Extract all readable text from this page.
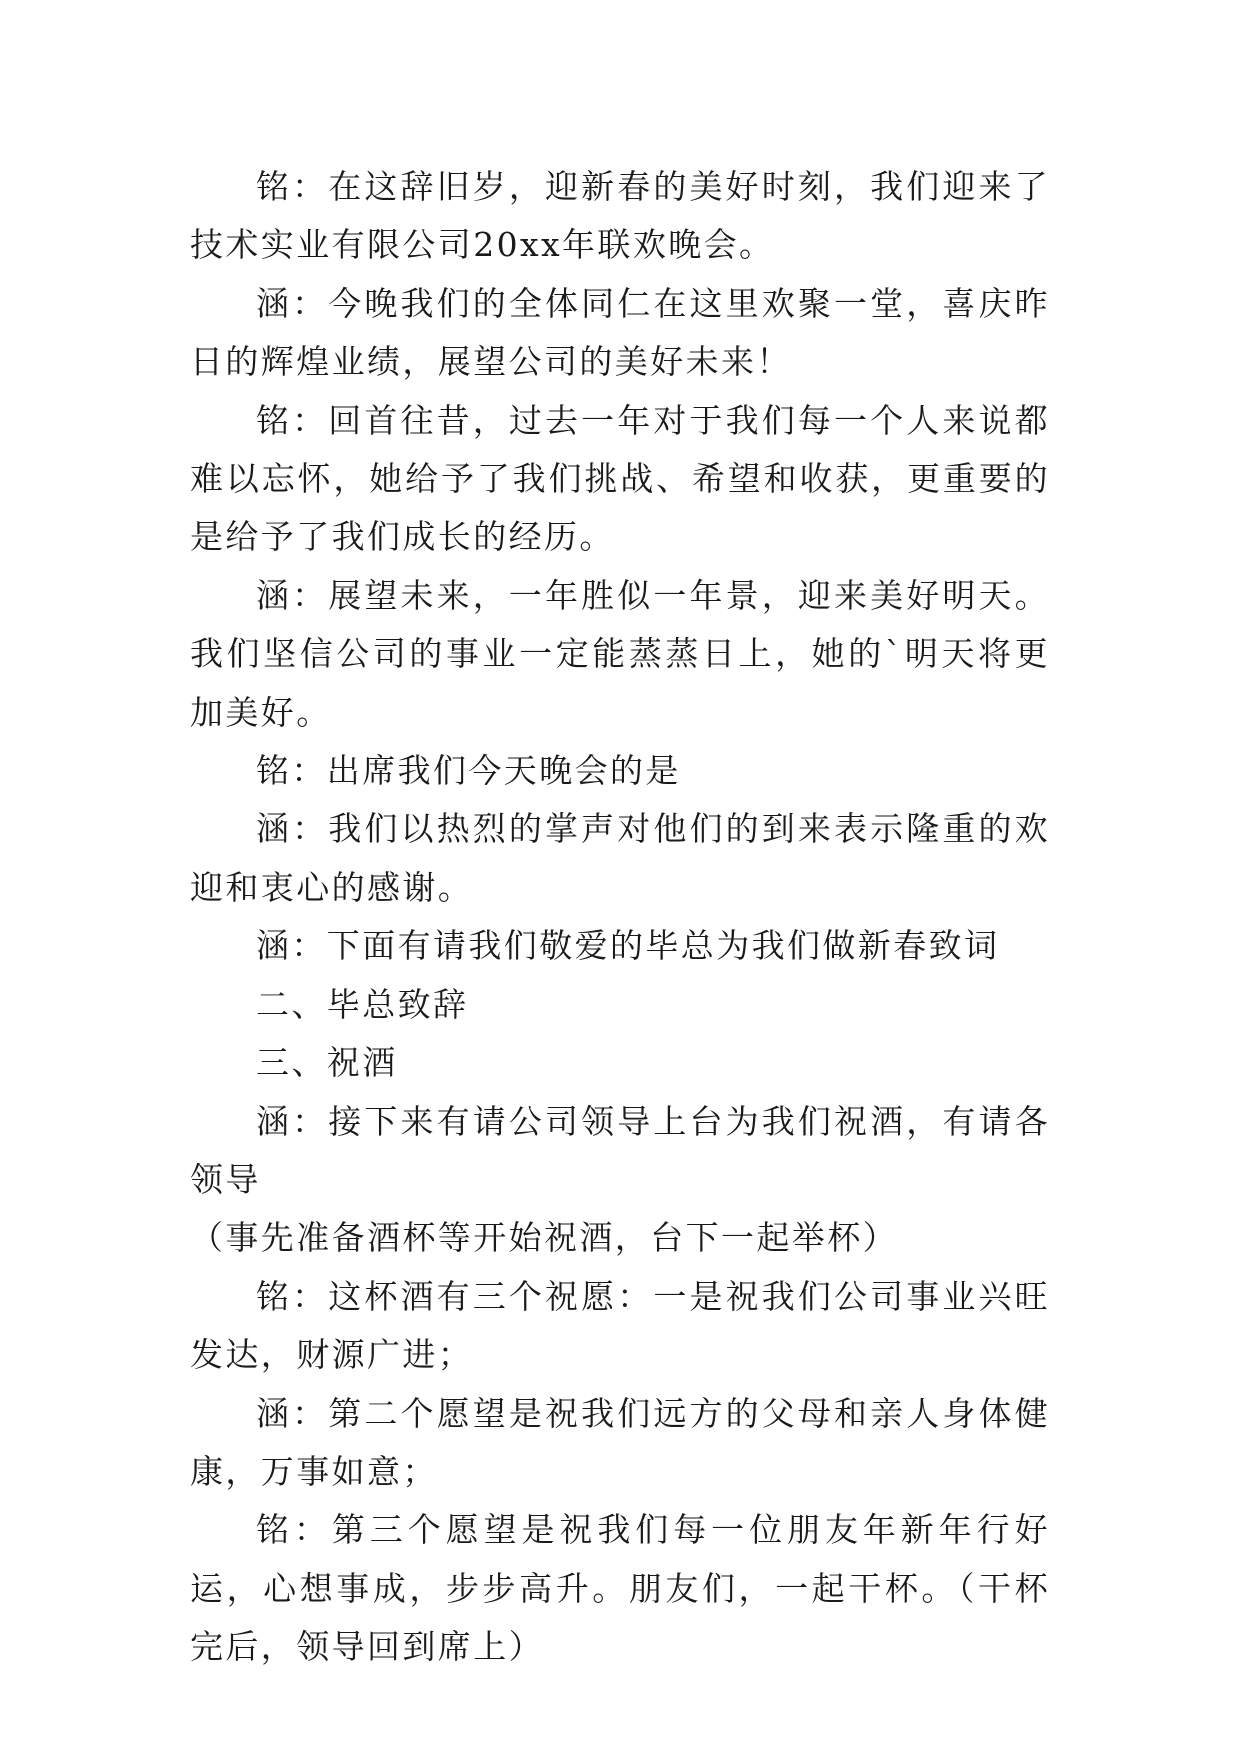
铭：在这辞旧岁，迎新春的美好时刻，我们迎来了技术实业有限公司20xx年联欢晚会。

涵：今晚我们的全体同仁在这里欢聚一堂，喜庆昨日的辉煌业绩，展望公司的美好未来！

铭：回首往昔，过去一年对于我们每一个人来说都难以忘怀，她给予了我们挑战、希望和收获，更重要的是给予了我们成长的经历。

涵：展望未来，一年胜似一年景，迎来美好明天。我们坚信公司的事业一定能蒸蒸日上，她的`明天将更加美好。

铭：出席我们今天晚会的是

涵：我们以热烈的掌声对他们的到来表示隆重的欢迎和衷心的感谢。

涵：下面有请我们敬爱的毕总为我们做新春致词

二、毕总致辞

三、祝酒

涵：接下来有请公司领导上台为我们祝酒，有请各领导

（事先准备酒杯等开始祝酒，台下一起举杯）

铭：这杯酒有三个祝愿：一是祝我们公司事业兴旺发达，财源广进；

涵：第二个愿望是祝我们远方的父母和亲人身体健康，万事如意；

铭：第三个愿望是祝我们每一位朋友年新年行好运，心想事成，步步高升。朋友们，一起干杯。（干杯完后，领导回到席上）
